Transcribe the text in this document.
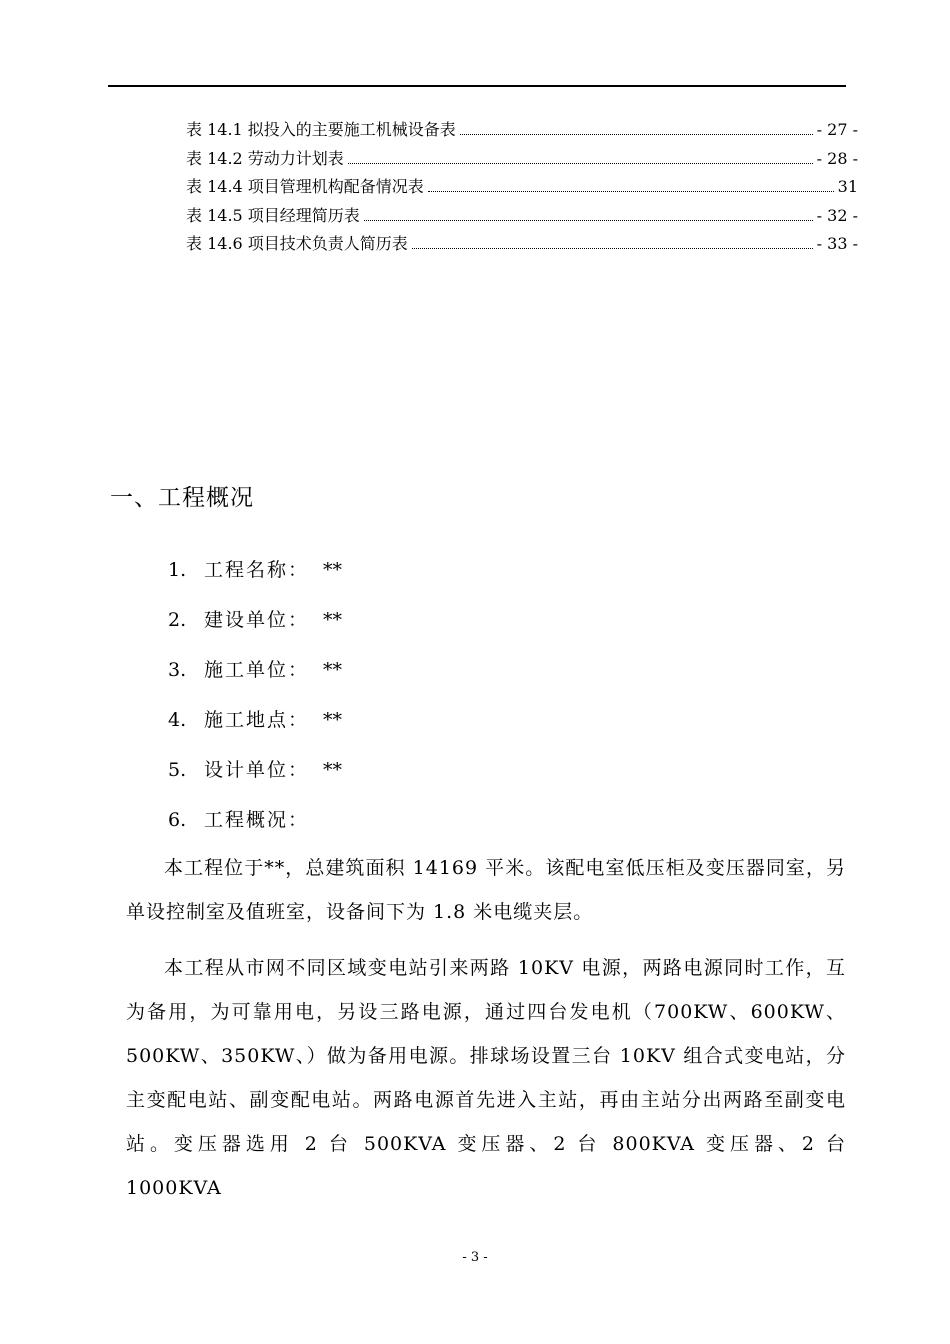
表 14.1 拟投入的主要施工机械设备表	- 27 -
表 14.2 劳动力计划表	- 28 -
表 14.4 项目管理机构配备情况表	31
表 14.5 项目经理简历表	- 32 -
表 14.6 项目技术负责人简历表	- 33 -
一、工程概况
1. 工程名称： **
2. 建设单位： **
3. 施工单位： **
4. 施工地点： **
5. 设计单位： **
6. 工程概况：

本工程位于**，总建筑面积 14169 平米。该配电室低压柜及变压器同室，另单设控制室及值班室，设备间下为 1.8 米电缆夹层。

本工程从市网不同区域变电站引来两路 10KV 电源，两路电源同时工作，互为备用，为可靠用电，另设三路电源，通过四台发电机（700KW、600KW、500KW、350KW、）做为备用电源。排球场设置三台 10KV 组合式变电站，分主变配电站、副变配电站。两路电源首先进入主站，再由主站分出两路至副变电站。变压器选用 2 台 500KVA 变压器、2 台 800KVA 变压器、2 台 1000KVA

- 3 -
